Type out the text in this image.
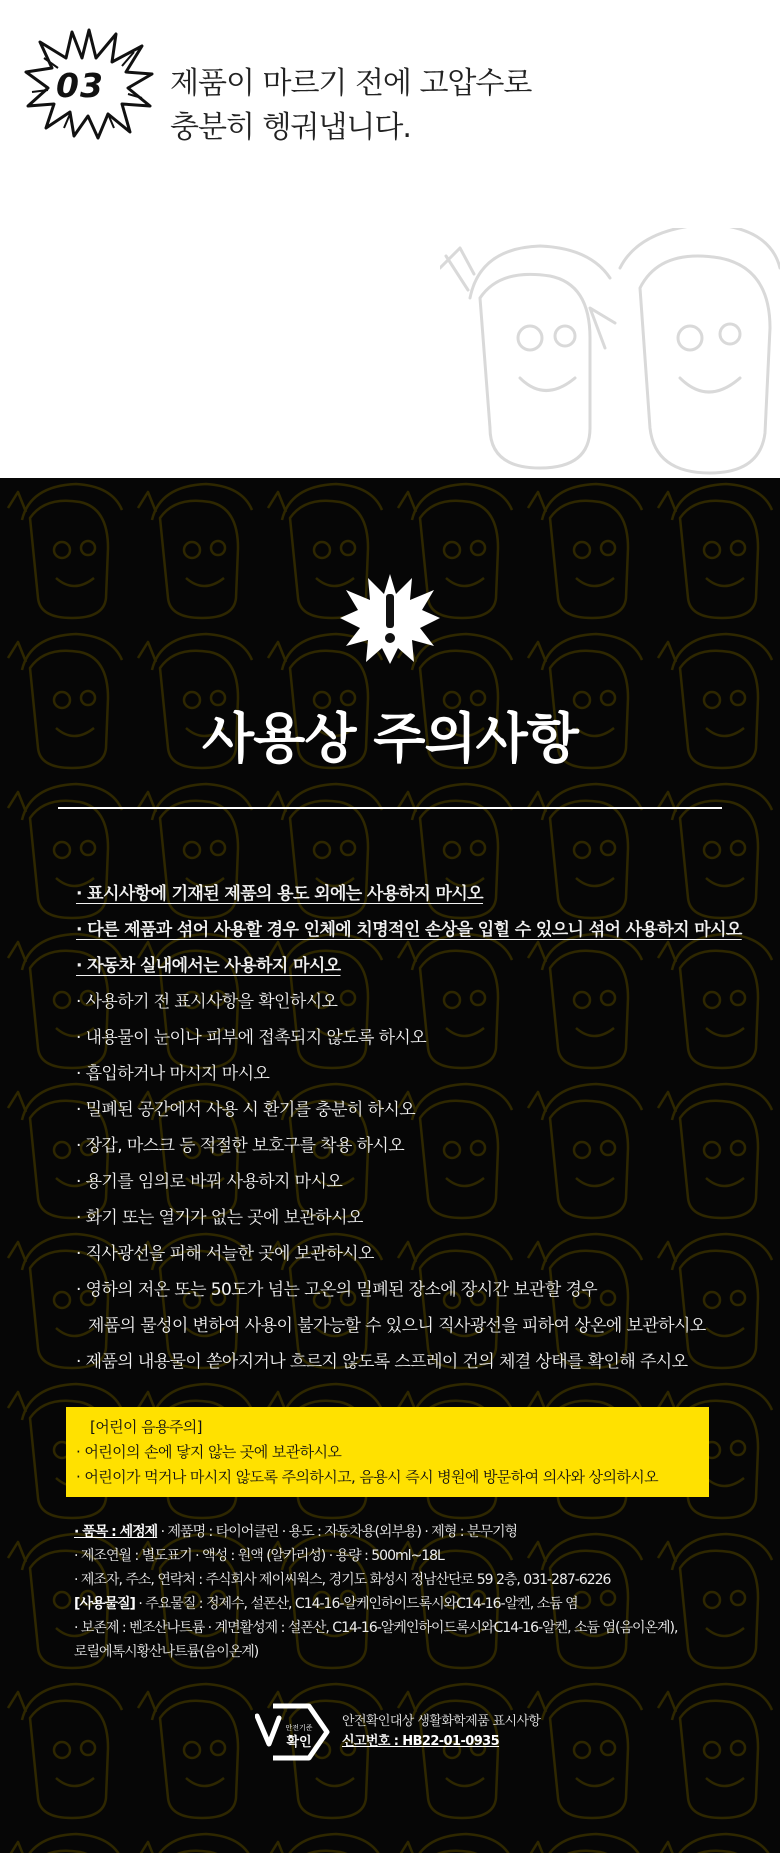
03 제품이 마르기 전에 고압수로
충분히 헹궈냅니다.
사용상 주의사항
· 표시사항에 기재된 제품의 용도 외에는 사용하지 마시오
· 다른 제품과 섞어 사용할 경우 인체에 치명적인 손상을 입힐 수 있으니 섞어 사용하지 마시오
· 자동차 실내에서는 사용하지 마시오
· 사용하기 전 표시사항을 확인하시오
· 내용물이 눈이나 피부에 접촉되지 않도록 하시오
· 흡입하거나 마시지 마시오
· 밀폐된 공간에서 사용 시 환기를 충분히 하시오
· 장갑, 마스크 등 적절한 보호구를 착용 하시오
· 용기를 임의로 바꿔 사용하지 마시오
· 화기 또는 열기가 없는 곳에 보관하시오
· 직사광선을 피해 서늘한 곳에 보관하시오
· 영하의 저온 또는 50도가 넘는 고온의 밀폐된 장소에 장시간 보관할 경우
제품의 물성이 변하여 사용이 불가능할 수 있으니 직사광선을 피하여 상온에 보관하시오
· 제품의 내용물이 쏟아지거나 흐르지 않도록 스프레이 건의 체결 상태를 확인해 주시오
[어린이 음용주의]
· 어린이의 손에 닿지 않는 곳에 보관하시오
· 어린이가 먹거나 마시지 않도록 주의하시고, 음용시 즉시 병원에 방문하여 의사와 상의하시오
· 품목 : 세정제 · 제품명 : 타이어클린 · 용도 : 자동차용(외부용) · 제형 : 분무기형
· 제조연월 : 별도표기 · 액성 : 원액 (알카리성) · 용량 : 500ml~18L
· 제조자, 주소, 연락처 : 주식회사 제이씨웍스, 경기도 화성시 정남산단로 59 2층, 031-287-6226
[사용물질] · 주요물질 : 정제수, 설폰산, C14-16-알케인하이드록시와C14-16-알켄, 소듐 염
· 보존제 : 벤조산나트륨 · 계면활성제 : 설폰산, C14-16-알케인하이드록시와C14-16-알켄, 소듐 염(음이온계),
로릴에톡시황산나트륨(음이온계)
안전기준
확인
안전확인대상 생활화학제품 표시사항
신고번호 : HB22-01-0935
